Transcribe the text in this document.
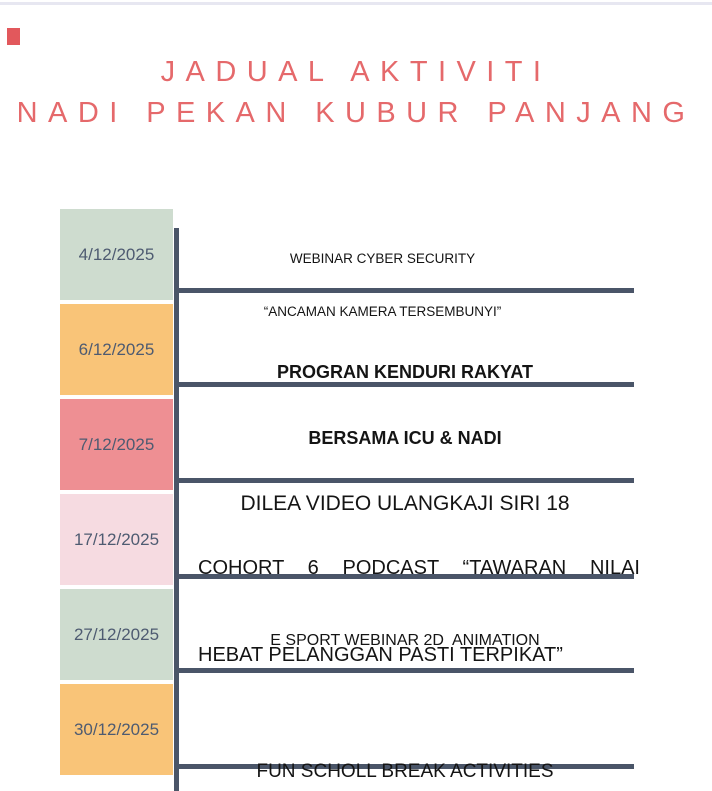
JADUAL AKTIVITI
NADI PEKAN KUBUR PANJANG
4/12/2025
6/12/2025
7/12/2025
17/12/2025
27/12/2025
30/12/2025

WEBINAR CYBER SECURITY

“ANCAMAN KAMERA TERSEMBUNYI”

PROGRAN KENDURI RAKYAT

BERSAMA ICU & NADI

DILEA VIDEO ULANGKAJI SIRI 18

COHORT 6 PODCAST “TAWARAN NILAI

HEBAT PELANGGAN PASTI TERPIKAT”

E SPORT WEBINAR 2D  ANIMATION

FUN SCHOLL BREAK ACTIVITIES
